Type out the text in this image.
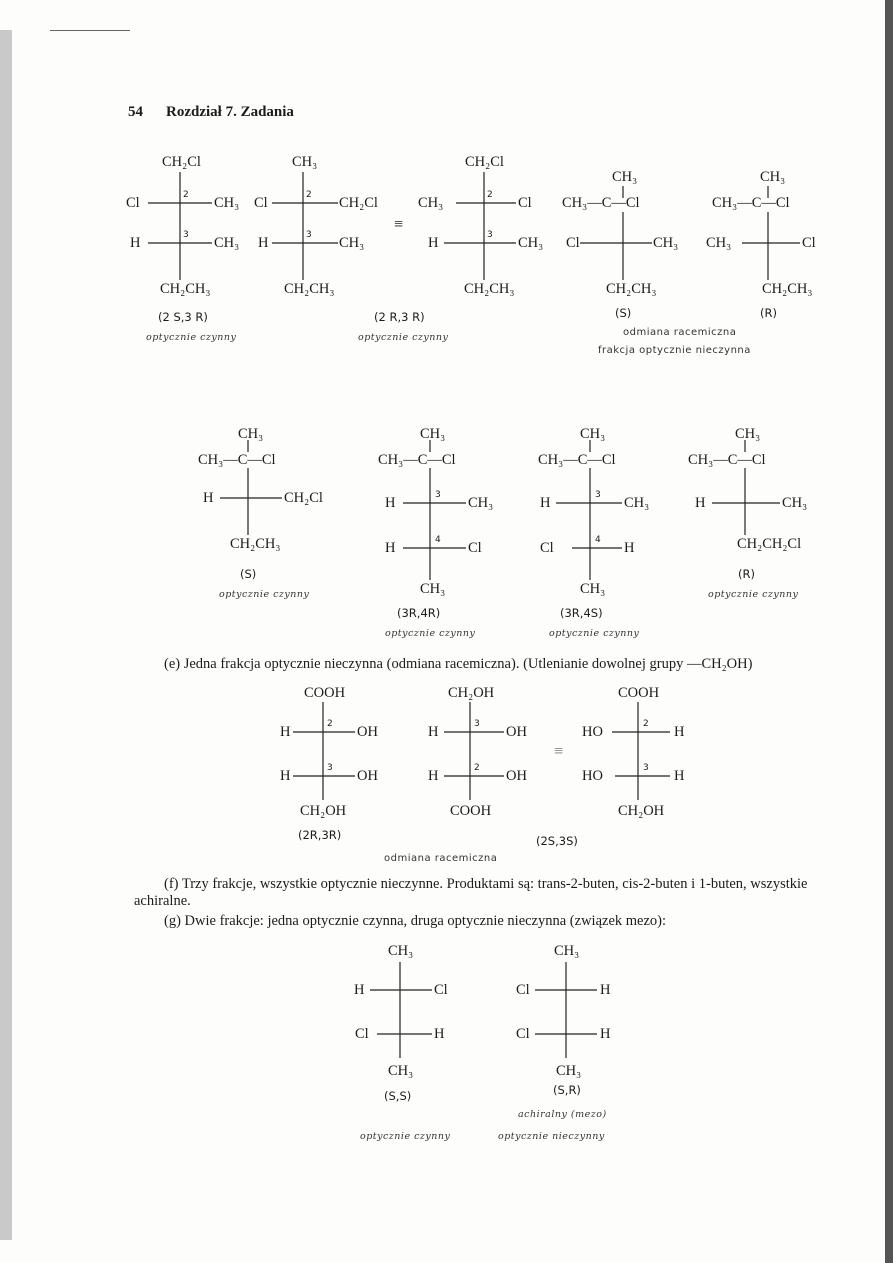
54 Rozdział 7. Zadania
CH₂Cl
Cl	2 CH₃
H	3 CH₃
CH₂CH₃
CH₃
Cl	2 CH₂Cl
H	3 CH₃
CH₂CH₃
≡
CH₂Cl
CH₃	2 Cl
H	3 CH₃
CH₂CH₃
CH₃
CH₃—C—Cl
Cl	CH₃
CH₂CH₃
CH₃
CH₃—C—Cl
CH₃	Cl
CH₂CH₃
(2 S,3 R)	(2 R,3 R)	(S)	(R)
optycznie czynny	optycznie czynny	odmiana racemiczna
frakcja optycznie nieczynna
CH₃
CH₃—C—Cl
H	CH₂Cl
CH₂CH₃
CH₃
CH₃—C—Cl
H	3 CH₃
H	4 Cl
CH₃
CH₃
CH₃—C—Cl
H	3 CH₃
Cl	4 H
CH₃
CH₃
CH₃—C—Cl
H	CH₃
CH₂CH₂Cl
(S)
(3R,4R)	(3R,4S)
(R)
optycznie czynny
optycznie czynny	optycznie czynny
optycznie czynny
(e) Jedna frakcja optycznie nieczynna (odmiana racemiczna). (Utlenianie dowolnej grupy —CH₂OH)
COOH
H	2 OH
H	3 OH
CH₂OH
CH₂OH
H	3 OH
H	2 OH
COOH
≡
COOH
HO	2 H
HO	3 H
CH₂OH
(2R,3R)	(2S,3S)
odmiana racemiczna
(f) Trzy frakcje, wszystkie optycznie nieczynne. Produktami są: trans-2-buten, cis-2-buten i 1-buten, wszystkie achiralne.
(g) Dwie frakcje: jedna optycznie czynna, druga optycznie nieczynna (związek mezo):
CH₃
H	Cl
Cl	H
CH₃
CH₃
Cl	H
Cl	H
CH₃
(S,S)	(S,R)
optycznie czynny
achiralny (mezo)
optycznie nieczynny
